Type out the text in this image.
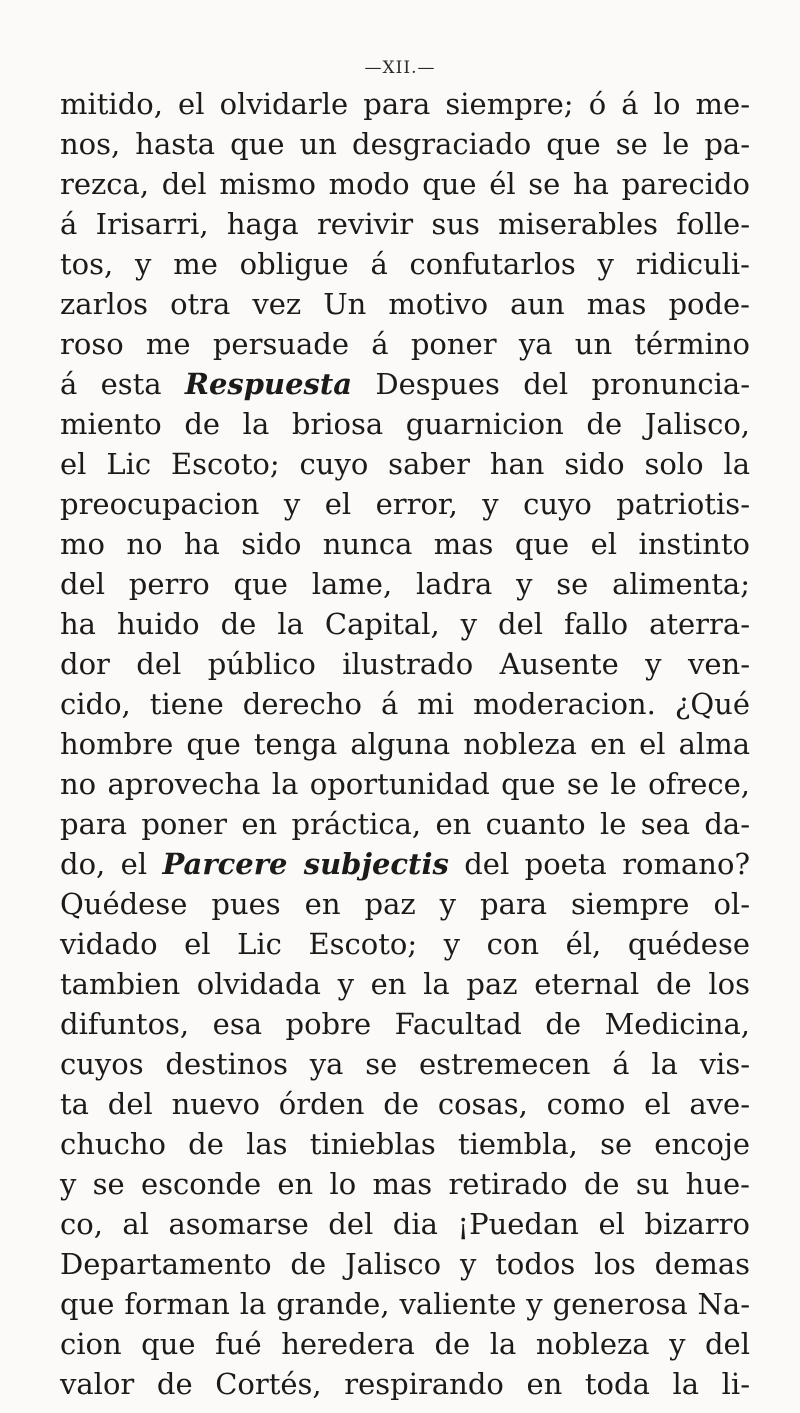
—XII.—
mitido, el olvidarle para siempre; ó á lo me-
nos, hasta que un desgraciado que se le pa-
rezca, del mismo modo que él se ha parecido
á Irisarri, haga revivir sus miserables folle-
tos, y me obligue á confutarlos y ridiculi-
zarlos otra vez Un motivo aun mas pode-
roso me persuade á poner ya un término
á esta Respuesta Despues del pronuncia-
miento de la briosa guarnicion de Jalisco,
el Lic Escoto; cuyo saber han sido solo la
preocupacion y el error, y cuyo patriotis-
mo no ha sido nunca mas que el instinto
del perro que lame, ladra y se alimenta;
ha huido de la Capital, y del fallo aterra-
dor del público ilustrado Ausente y ven-
cido, tiene derecho á mi moderacion. ¿Qué
hombre que tenga alguna nobleza en el alma
no aprovecha la oportunidad que se le ofrece,
para poner en práctica, en cuanto le sea da-
do, el Parcere subjectis del poeta romano?
Quédese pues en paz y para siempre ol-
vidado el Lic Escoto; y con él, quédese
tambien olvidada y en la paz eternal de los
difuntos, esa pobre Facultad de Medicina,
cuyos destinos ya se estremecen á la vis-
ta del nuevo órden de cosas, como el ave-
chucho de las tinieblas tiembla, se encoje
y se esconde en lo mas retirado de su hue-
co, al asomarse del dia ¡Puedan el bizarro
Departamento de Jalisco y todos los demas
que forman la grande, valiente y generosa Na-
cion que fué heredera de la nobleza y del
valor de Cortés, respirando en toda la li-
